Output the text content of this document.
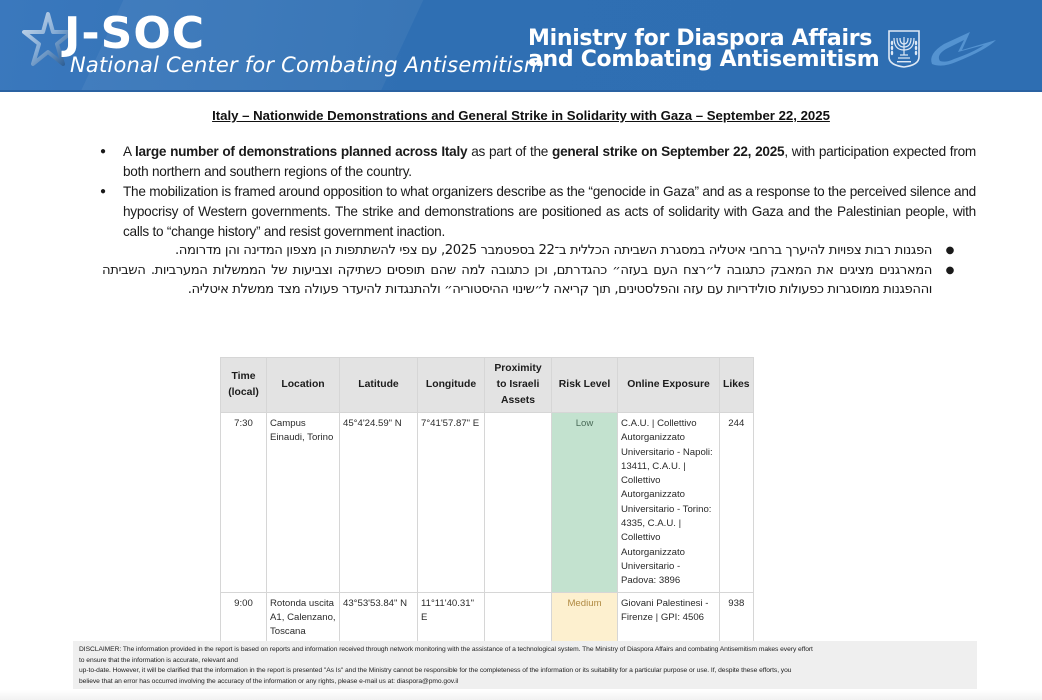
J-SOC
National Center for Combating Antisemitism
Ministry for Diaspora Affairs
and Combating Antisemitism
Italy – Nationwide Demonstrations and General Strike in Solidarity with Gaza – September 22, 2025
● A large number of demonstrations planned across Italy as part of the general strike on September 22, 2025, with participation expected from both northern and southern regions of the country.
● The mobilization is framed around opposition to what organizers describe as the “genocide in Gaza” and as a response to the perceived silence and hypocrisy of Western governments. The strike and demonstrations are positioned as acts of solidarity with Gaza and the Palestinian people, with calls to “change history” and resist government inaction.
● הפגנות רבות צפויות להיערך ברחבי איטליה במסגרת השביתה הכללית ב־22 בספטמבר 2025, עם צפי להשתתפות הן מצפון המדינה והן מדרומה.
● המארגנים מציגים את המאבק כתגובה ל״רצח העם בעזה״ כהגדרתם, וכן כתגובה למה שהם תופסים כשתיקה וצביעות של הממשלות המערביות. השביתה וההפגנות ממוסגרות כפעולות סולידריות עם עזה והפלסטינים, תוך קריאה ל״שינוי ההיסטוריה״ ולהתנגדות להיעדר פעולה מצד ממשלת איטליה.
Time (local)	Location	Latitude	Longitude	Proximity to Israeli Assets	Risk Level	Online Exposure	Likes
7:30	Campus Einaudi, Torino	45°4'24.59" N	7°41'57.87" E		Low	C.A.U. | Collettivo Autorganizzato Universitario - Napoli: 13411, C.A.U. | Collettivo Autorganizzato Universitario - Torino: 4335, C.A.U. | Collettivo Autorganizzato Universitario - Padova: 3896	244
9:00	Rotonda uscita A1, Calenzano, Toscana	43°53'53.84" N	11°11'40.31" E		Medium	Giovani Palestinesi - Firenze | GPI: 4506	938
DISCLAIMER: The information provided in the report is based on reports and information received through network monitoring with the assistance of a technological system. The Ministry of Diaspora Affairs and combating Antisemitism makes every effort
to ensure that the information is accurate, relevant and
up-to-date. However, it will be clarified that the information in the report is presented "As Is" and the Ministry cannot be responsible for the completeness of the information or its suitability for a particular purpose or use. If, despite these efforts, you
believe that an error has occurred involving the accuracy of the information or any rights, please e-mail us at: diaspora@pmo.gov.il
